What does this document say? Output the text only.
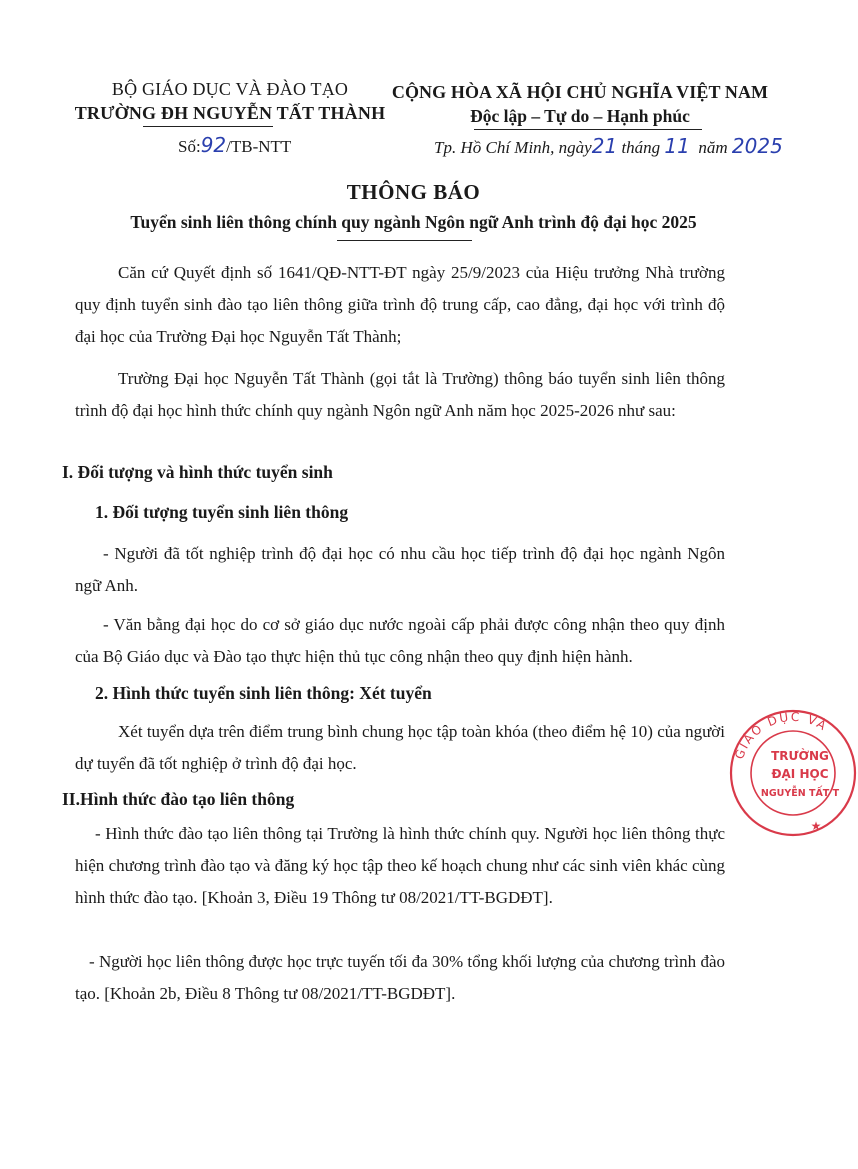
BỘ GIÁO DỤC VÀ ĐÀO TẠO
TRƯỜNG ĐH NGUYỄN TẤT THÀNH
Số:92/TB-NTT
CỘNG HÒA XÃ HỘI CHỦ NGHĨA VIỆT NAM
Độc lập – Tự do – Hạnh phúc
Tp. Hồ Chí Minh, ngày21 tháng 11 năm 2025
THÔNG BÁO
Tuyển sinh liên thông chính quy ngành Ngôn ngữ Anh trình độ đại học 2025

Căn cứ Quyết định số 1641/QĐ-NTT-ĐT ngày 25/9/2023 của Hiệu trưởng Nhà trường quy định tuyển sinh đào tạo liên thông giữa trình độ trung cấp, cao đẳng, đại học với trình độ đại học của Trường Đại học Nguyễn Tất Thành;

Trường Đại học Nguyễn Tất Thành (gọi tắt là Trường) thông báo tuyển sinh liên thông trình độ đại học hình thức chính quy ngành Ngôn ngữ Anh năm học 2025-2026 như sau:

I. Đối tượng và hình thức tuyển sinh

1. Đối tượng tuyển sinh liên thông

- Người đã tốt nghiệp trình độ đại học có nhu cầu học tiếp trình độ đại học ngành Ngôn ngữ Anh.

- Văn bằng đại học do cơ sở giáo dục nước ngoài cấp phải được công nhận theo quy định của Bộ Giáo dục và Đào tạo thực hiện thủ tục công nhận theo quy định hiện hành.

2. Hình thức tuyển sinh liên thông: Xét tuyển

Xét tuyển dựa trên điểm trung bình chung học tập toàn khóa (theo điểm hệ 10) của người dự tuyển đã tốt nghiệp ở trình độ đại học.

II.Hình thức đào tạo liên thông

- Hình thức đào tạo liên thông tại Trường là hình thức chính quy. Người học liên thông thực hiện chương trình đào tạo và đăng ký học tập theo kế hoạch chung như các sinh viên khác cùng hình thức đào tạo. [Khoản 3, Điều 19 Thông tư 08/2021/TT-BGDĐT].

- Người học liên thông được học trực tuyến tối đa 30% tổng khối lượng của chương trình đào tạo. [Khoản 2b, Điều 8 Thông tư 08/2021/TT-BGDĐT].

GIÁO DỤC VÀ
TRƯỜNG
ĐẠI HỌC
NGUYỄN TẤT T
★
